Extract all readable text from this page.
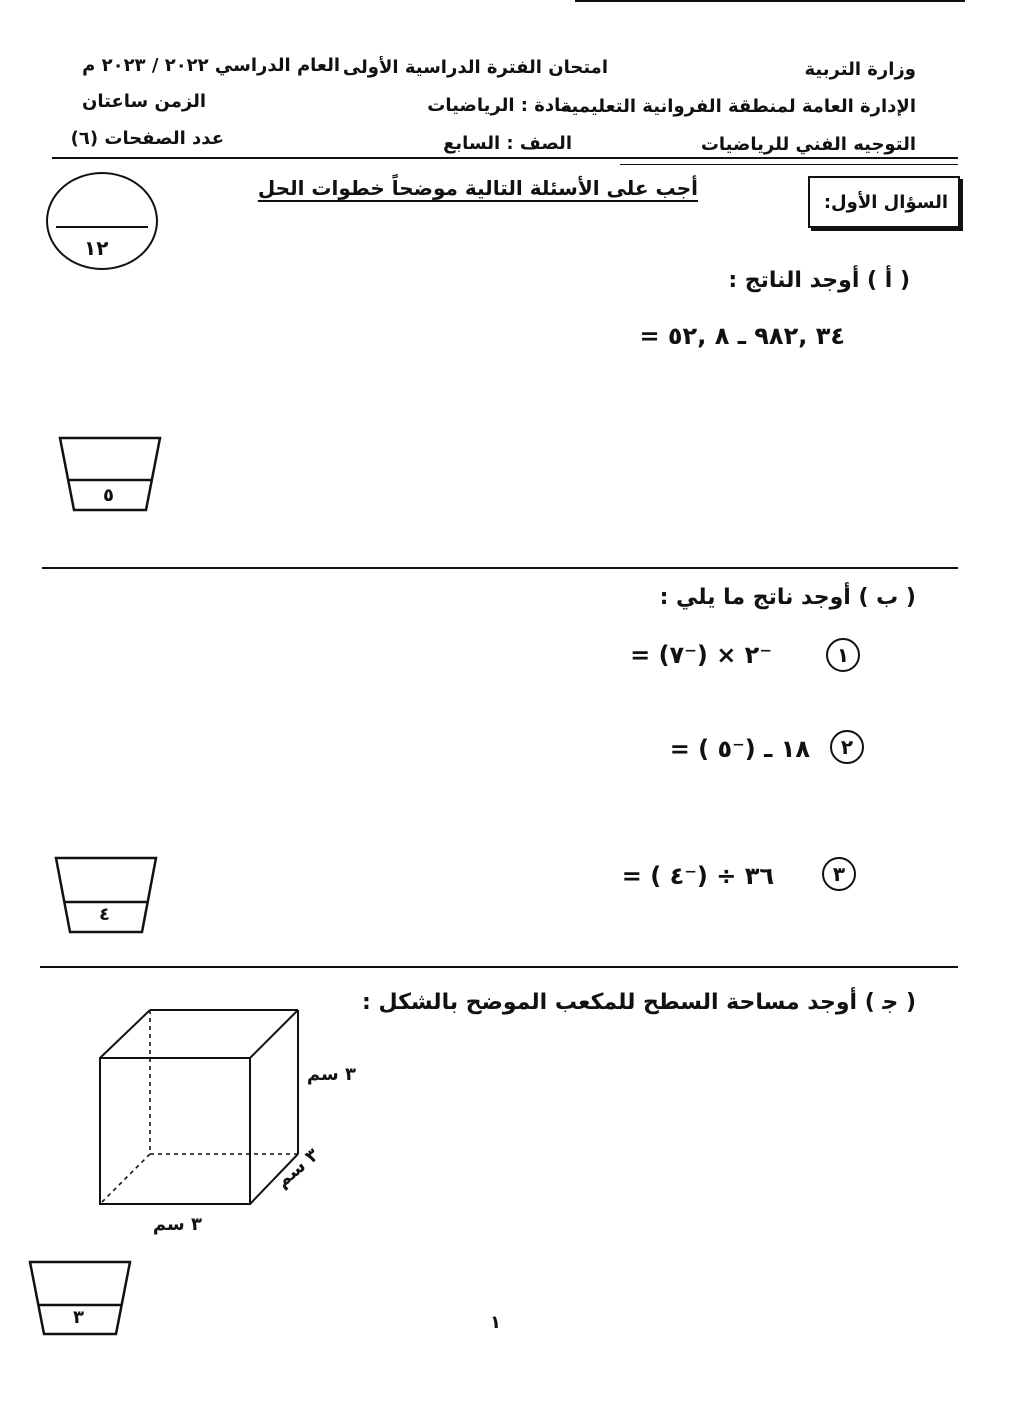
وزارة التربية
الإدارة العامة لمنطقة الفروانية التعليمية
التوجيه الفني للرياضيات
امتحان الفترة الدراسية الأولى
مادة : الرياضيات
الصف : السابع
العام الدراسي ٢٠٢٢ / ٢٠٢٣ م
الزمن ساعتان
عدد الصفحات (٦)
السؤال الأول:
أجب على الأسئلة التالية موضحاً خطوات الحل
١٢
( أ ) أوجد الناتج :
٣٤ ,٩٨٢ ـ ٨ ,٥٢ =
٥
( ب ) أوجد ناتج ما يلي :
١
⁻٢ × (⁻٧) =
٢
١٨ ـ (⁻٥ ) =
٣
٣٦ ÷ (⁻٤ ) =
٤
( ﺟ ) أوجد مساحة السطح للمكعب الموضح بالشكل :
٣ سم
٣ سم
٣ سم
٣	١
